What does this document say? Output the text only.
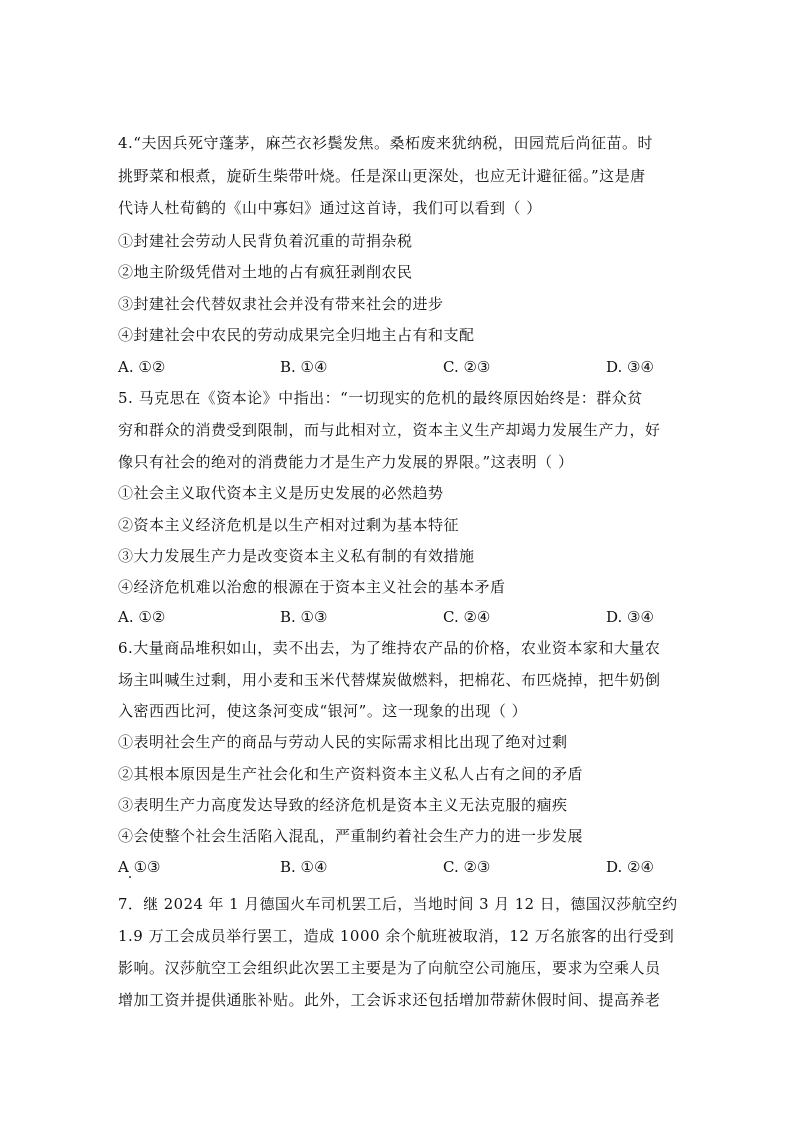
4.“夫因兵死守蓬茅，麻苎衣衫鬓发焦。桑柘废来犹纳税，田园荒后尚征苗。时
挑野菜和根煮，旋斫生柴带叶烧。任是深山更深处，也应无计避征徭。”这是唐
代诗人杜荀鹤的《山中寡妇》通过这首诗，我们可以看到（ ）
①封建社会劳动人民背负着沉重的苛捐杂税
②地主阶级凭借对土地的占有疯狂剥削农民
③封建社会代替奴隶社会并没有带来社会的进步
④封建社会中农民的劳动成果完全归地主占有和支配
A. ①②	B. ①④	C. ②③	D. ③④
5. 马克思在《资本论》中指出：“一切现实的危机的最终原因始终是：群众贫
穷和群众的消费受到限制，而与此相对立，资本主义生产却竭力发展生产力，好
像只有社会的绝对的消费能力才是生产力发展的界限。”这表明（ ）
①社会主义取代资本主义是历史发展的必然趋势
②资本主义经济危机是以生产相对过剩为基本特征
③大力发展生产力是改变资本主义私有制的有效措施
④经济危机难以治愈的根源在于资本主义社会的基本矛盾
A. ①②	B. ①③	C. ②④	D. ③④
6.大量商品堆积如山，卖不出去，为了维持农产品的价格，农业资本家和大量农
场主叫喊生过剩，用小麦和玉米代替煤炭做燃料，把棉花、布匹烧掉，把牛奶倒
入密西西比河，使这条河变成“银河”。这一现象的出现（ ）
①表明社会生产的商品与劳动人民的实际需求相比出现了绝对过剩
②其根本原因是生产社会化和生产资料资本主义私人占有之间的矛盾
③表明生产力高度发达导致的经济危机是资本主义无法克服的痼疾
④会使整个社会生活陷入混乱，严重制约着社会生产力的进一步发展
A ①③	B. ①④	C. ②③	D. ②④
7．继 2024 年 1 月德国火车司机罢工后，当地时间 3 月 12 日，德国汉莎航空约
1.9 万工会成员举行罢工，造成 1000 余个航班被取消，12 万名旅客的出行受到
影响。汉莎航空工会组织此次罢工主要是为了向航空公司施压，要求为空乘人员
增加工资并提供通胀补贴。此外，工会诉求还包括增加带薪休假时间、提高养老
